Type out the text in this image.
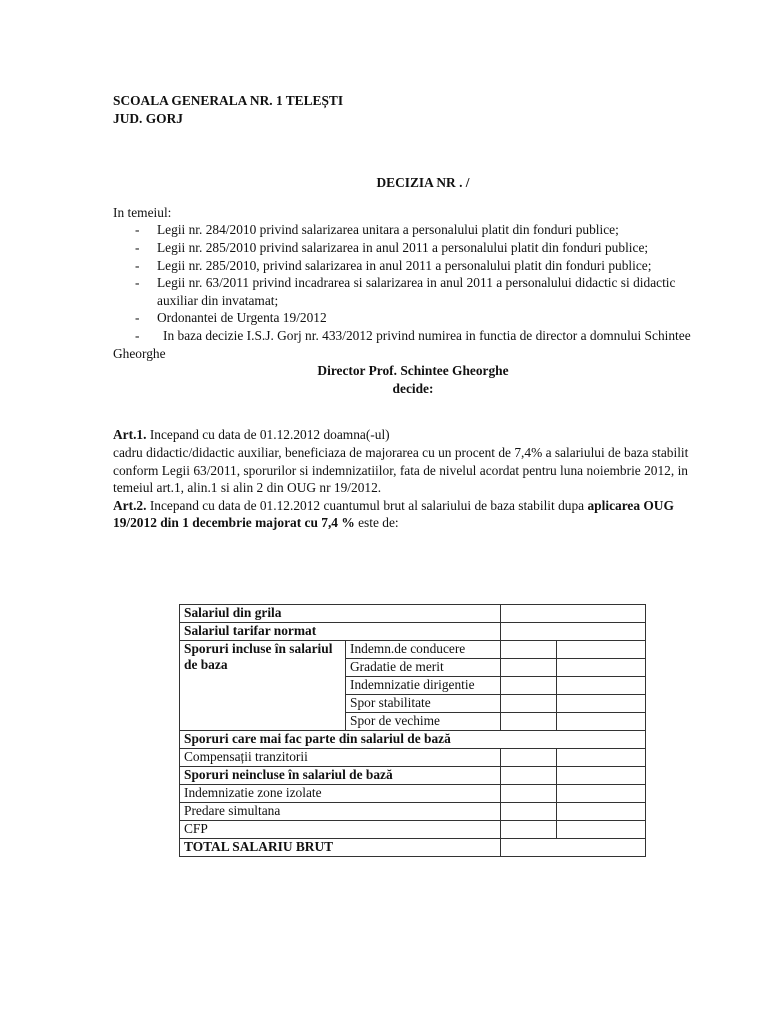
SCOALA GENERALA NR. 1 TELEȘTI
JUD. GORJ
DECIZIA NR . /
In temeiul:
- Legii nr. 284/2010 privind salarizarea unitara a personalului platit din fonduri publice;
- Legii nr. 285/2010 privind salarizarea in anul 2011 a personalului platit din fonduri publice;
- Legii nr. 285/2010, privind salarizarea in anul 2011 a personalului platit din fonduri publice;
- Legii nr. 63/2011 privind incadrarea si salarizarea in anul 2011 a personalului didactic si didactic auxiliar din invatamat;
- Ordonantei de Urgenta 19/2012
- In baza decizie I.S.J. Gorj nr. 433/2012 privind numirea in functia de director a domnului Schintee Gheorghe
Director Prof. Schintee Gheorghe
decide:
Art.1. Incepand cu data de 01.12.2012 doamna(-ul)
cadru didactic/didactic auxiliar, beneficiaza de majorarea cu un procent de 7,4% a salariului de baza stabilit conform Legii 63/2011, sporurilor si indemnizatiilor, fata de nivelul acordat pentru luna noiembrie 2012, in temeiul art.1, alin.1 si alin 2 din OUG nr 19/2012.
Art.2. Incepand cu data de 01.12.2012 cuantumul brut al salariului de baza stabilit dupa aplicarea OUG 19/2012 din 1 decembrie majorat cu 7,4 % este de:
Salariul din grila			
Salariul tarifar normat			
Sporuri incluse în salariul de baza	Indemn.de conducere		
	Gradatie de merit		
	Indemnizatie dirigentie		
	Spor stabilitate		
	Spor de vechime		
Sporuri care mai fac parte din salariul de bază			
Compensații tranzitorii			
Sporuri neincluse în salariul de bază			
Indemnizatie zone izolate			
Predare simultana			
CFP			
TOTAL SALARIU BRUT			
